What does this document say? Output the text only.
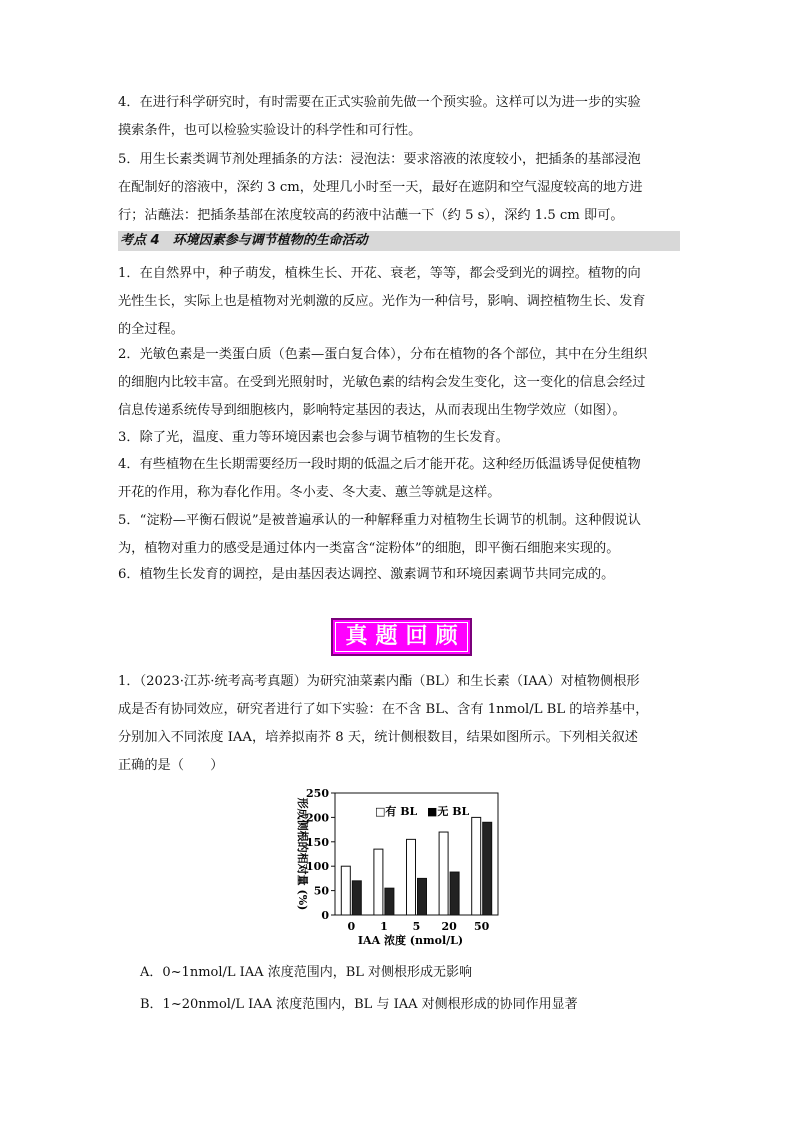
4．在进行科学研究时，有时需要在正式实验前先做一个预实验。这样可以为进一步的实验
摸索条件，也可以检验实验设计的科学性和可行性。
5．用生长素类调节剂处理插条的方法：浸泡法：要求溶液的浓度较小，把插条的基部浸泡
在配制好的溶液中，深约 3 cm，处理几小时至一天，最好在遮阴和空气湿度较高的地方进
行；沾蘸法：把插条基部在浓度较高的药液中沾蘸一下（约 5 s），深约 1.5 cm 即可。
考点 4　环境因素参与调节植物的生命活动
1．在自然界中，种子萌发，植株生长、开花、衰老，等等，都会受到光的调控。植物的向
光性生长，实际上也是植物对光刺激的反应。光作为一种信号，影响、调控植物生长、发育
的全过程。
2．光敏色素是一类蛋白质（色素—蛋白复合体），分布在植物的各个部位，其中在分生组织
的细胞内比较丰富。在受到光照射时，光敏色素的结构会发生变化，这一变化的信息会经过
信息传递系统传导到细胞核内，影响特定基因的表达，从而表现出生物学效应（如图）。
3．除了光，温度、重力等环境因素也会参与调节植物的生长发育。
4．有些植物在生长期需要经历一段时期的低温之后才能开花。这种经历低温诱导促使植物
开花的作用，称为春化作用。冬小麦、冬大麦、蕙兰等就是这样。
5．“淀粉—平衡石假说”是被普遍承认的一种解释重力对植物生长调节的机制。这种假说认
为，植物对重力的感受是通过体内一类富含“淀粉体”的细胞，即平衡石细胞来实现的。
6．植物生长发育的调控，是由基因表达调控、激素调节和环境因素调节共同完成的。
真题回顾
1．（2023·江苏·统考高考真题）为研究油菜素内酯（BL）和生长素（IAA）对植物侧根形
成是否有协同效应，研究者进行了如下实验：在不含 BL、含有 1nmol/L BL 的培养基中，
分别加入不同浓度 IAA，培养拟南芥 8 天，统计侧根数目，结果如图所示。下列相关叙述
正确的是（　　）
0
50
100
150
200
250
0 1 5 20 50
IAA 浓度 (nmol/L)
形成侧根的相对量 (%)	□有 BL ■无 BL
A．0~1nmol/L IAA 浓度范围内，BL 对侧根形成无影响
B．1~20nmol/L IAA 浓度范围内，BL 与 IAA 对侧根形成的协同作用显著
